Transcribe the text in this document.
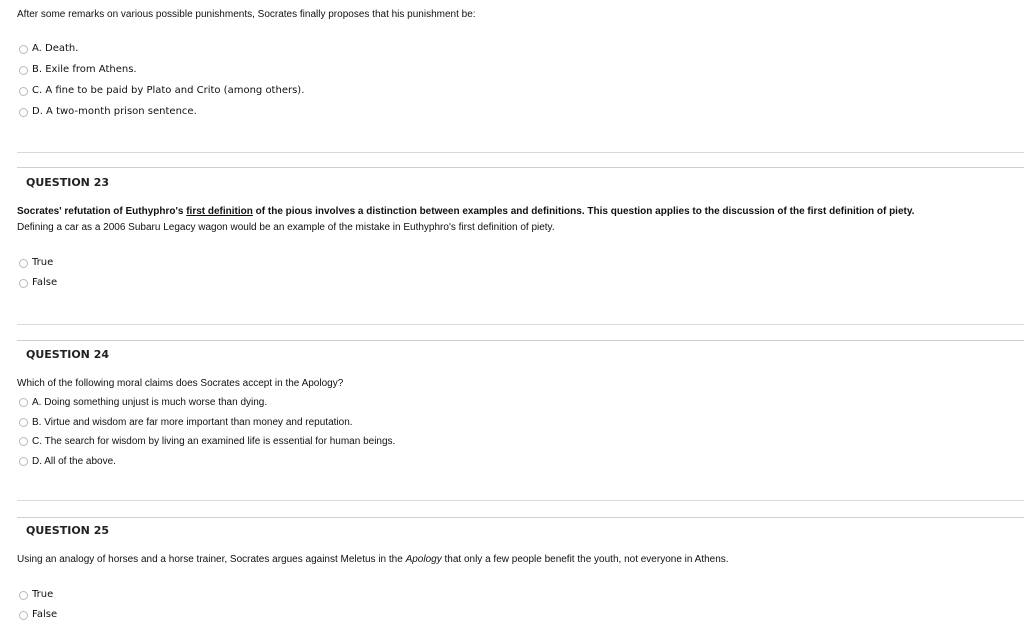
After some remarks on various possible punishments, Socrates finally proposes that his punishment be:
A. Death.
B. Exile from Athens.
C. A fine to be paid by Plato and Crito (among others).
D. A two-month prison sentence.
QUESTION 23
Socrates' refutation of Euthyphro's first definition of the pious involves a distinction between examples and definitions. This question applies to the discussion of the first definition of piety.
Defining a car as a 2006 Subaru Legacy wagon would be an example of the mistake in Euthyphro's first definition of piety.
True
False
QUESTION 24
Which of the following moral claims does Socrates accept in the Apology?
A. Doing something unjust is much worse than dying.
B. Virtue and wisdom are far more important than money and reputation.
C. The search for wisdom by living an examined life is essential for human beings.
D. All of the above.
QUESTION 25
Using an analogy of horses and a horse trainer, Socrates argues against Meletus in the Apology that only a few people benefit the youth, not everyone in Athens.
True
False
